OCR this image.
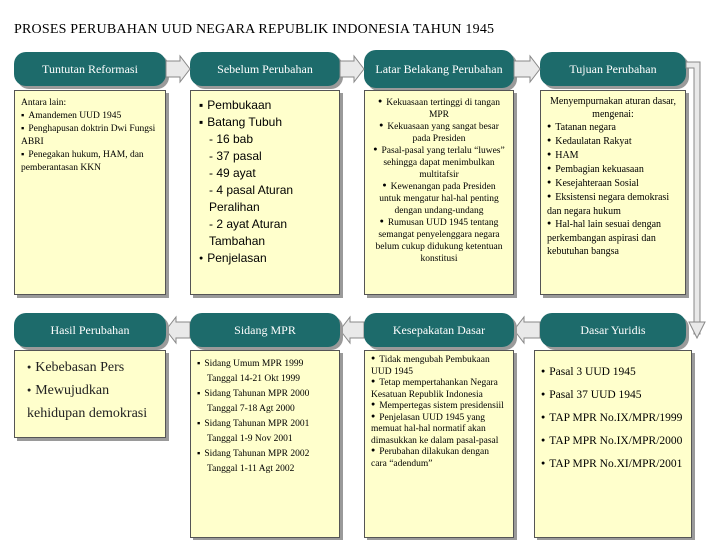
PROSES PERUBAHAN UUD NEGARA REPUBLIK INDONESIA TAHUN 1945
Tuntutan Reformasi	Sebelum Perubahan	Latar Belakang Perubahan	Tujuan Perubahan
Antara lain:
▪ Amandemen UUD 1945
▪ Penghapusan doktrin Dwi Fungsi ABRI
▪ Penegakan hukum, HAM, dan pemberantasan KKN
▪ Pembukaan
▪ Batang Tubuh
- 16 bab
- 37 pasal
- 49 ayat
- 4 pasal Aturan Peralihan
- 2 ayat Aturan Tambahan
● Penjelasan
● Kekuasaan tertinggi di tangan MPR
● Kekuasaan yang sangat besar pada Presiden
● Pasal-pasal yang terlalu “luwes” sehingga dapat menimbulkan multitafsir
● Kewenangan pada Presiden untuk mengatur hal-hal penting dengan undang-undang
● Rumusan UUD 1945 tentang semangat penyelenggara negara belum cukup didukung ketentuan konstitusi
Menyempurnakan aturan dasar, mengenai:
● Tatanan negara
● Kedaulatan Rakyat
● HAM
● Pembagian kekuasaan
● Kesejahteraan Sosial
● Eksistensi negara demokrasi dan negara hukum
● Hal-hal lain sesuai dengan perkembangan aspirasi dan kebutuhan bangsa
Hasil Perubahan	Sidang MPR	Kesepakatan Dasar	Dasar Yuridis
● Kebebasan Pers
● Mewujudkan kehidupan demokrasi
▪ Sidang Umum MPR 1999
Tanggal 14-21 Okt 1999
▪ Sidang Tahunan MPR 2000
Tanggal 7-18 Agt 2000
▪ Sidang Tahunan MPR 2001
Tanggal 1-9 Nov 2001
▪ Sidang Tahunan MPR 2002
Tanggal 1-11 Agt 2002
● Tidak mengubah Pembukaan UUD 1945
● Tetap mempertahankan Negara Kesatuan Republik Indonesia
● Mempertegas sistem presidensiil
● Penjelasan UUD 1945 yang memuat hal-hal normatif akan dimasukkan ke dalam pasal-pasal
● Perubahan dilakukan dengan cara “adendum”
● Pasal 3 UUD 1945
● Pasal 37 UUD 1945
● TAP MPR No.IX/MPR/1999
● TAP MPR No.IX/MPR/2000
● TAP MPR No.XI/MPR/2001
